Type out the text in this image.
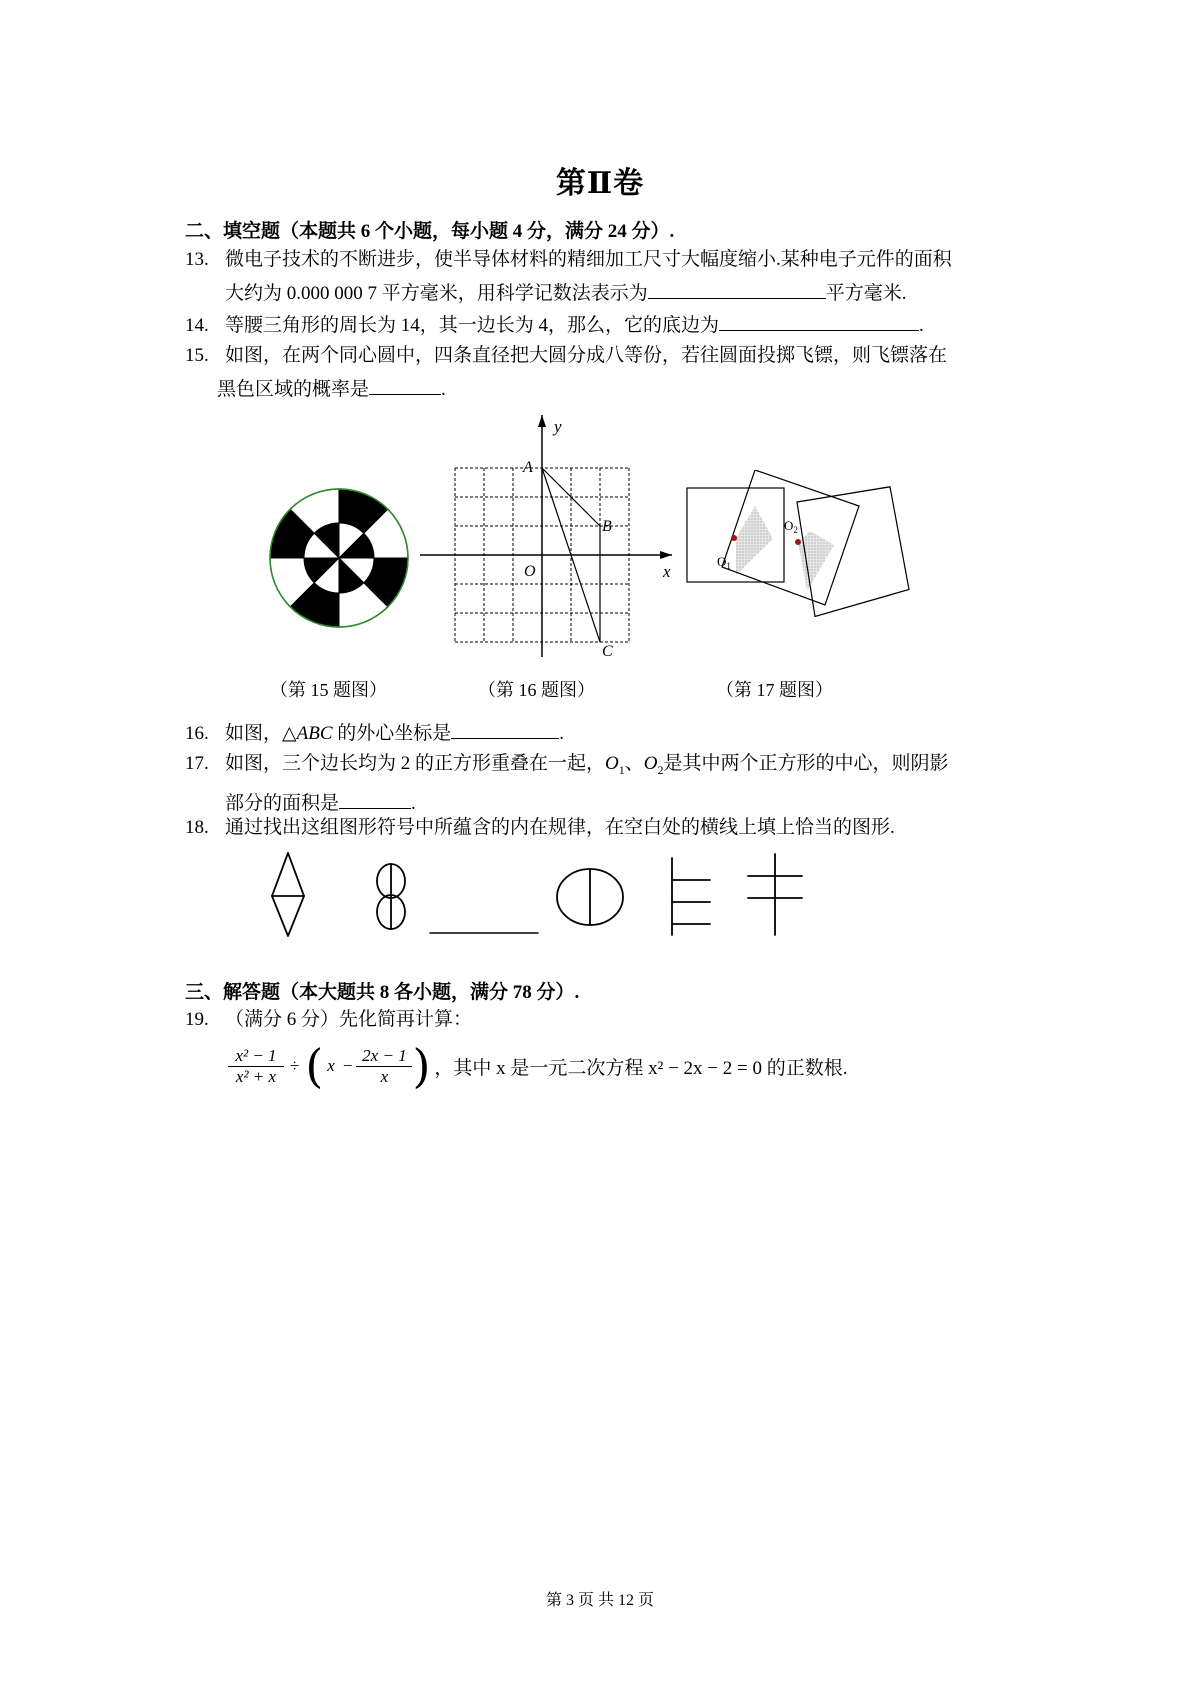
第Ⅱ卷
二、填空题（本题共 6 个小题，每小题 4 分，满分 24 分）.
13. 微电子技术的不断进步，使半导体材料的精细加工尺寸大幅度缩小.某种电子元件的面积
大约为 0.000 000 7 平方毫米，用科学记数法表示为	平方毫米.
14. 等腰三角形的周长为 14，其一边长为 4，那么，它的底边为	.
15. 如图，在两个同心圆中，四条直径把大圆分成八等份，若往圆面投掷飞镖，则飞镖落在
黑色区域的概率是	.
y
x
O
A
B
C
$O_1$
$O_2$
（第 15 题图）	（第 16 题图）	（第 17 题图）
16. 如图，△ABC 的外心坐标是	.
17. 如图，三个边长均为 2 的正方形重叠在一起，$O_1$、$O_2$是其中两个正方形的中心，则阴影
部分的面积是	.
18. 通过找出这组图形符号中所蕴含的内在规律，在空白处的横线上填上恰当的图形.
三、解答题（本大题共 8 各小题，满分 78 分）.
19. （满分 6 分）先化简再计算：
x² − 1
x² + x
÷ ( x −
2x − 1
x ) ，其中 x 是一元二次方程 x² − 2x − 2 = 0 的正数根.
第 3 页 共 12 页
